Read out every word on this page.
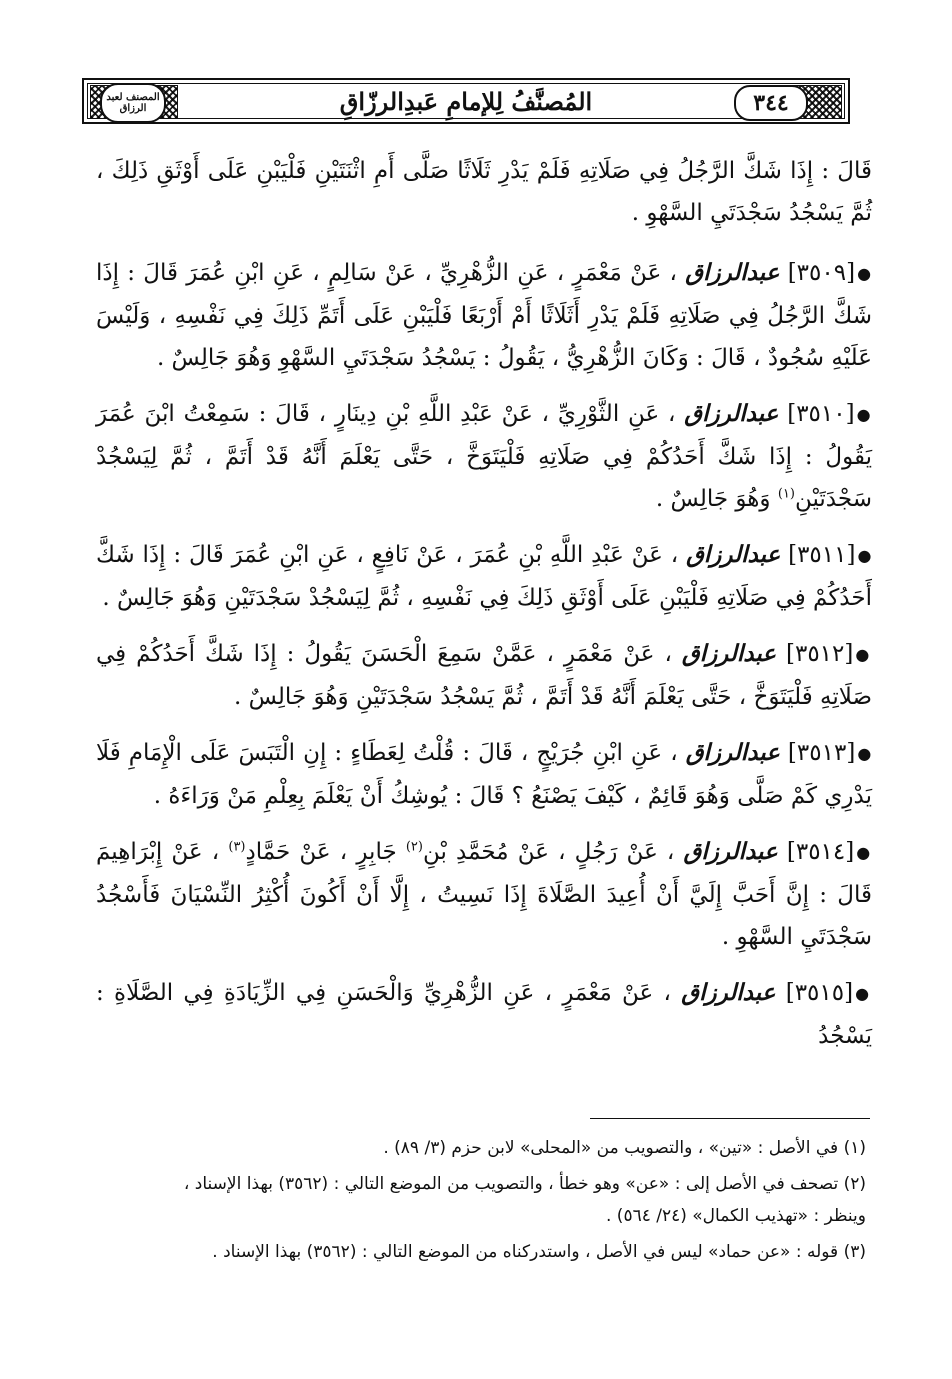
المصنف لعبد الرزاق	٣٤٤
المُصنَّفُ لِلإمامِ عَبدِالرزّاقِ

قَالَ : إِذَا شَكَّ الرَّجُلُ فِي صَلَاتِهِ فَلَمْ يَدْرِ ثَلَاثًا صَلَّى أَمِ اثْنَتَيْنِ فَلْيَبْنِ عَلَى أَوْثَقِ ذَلِكَ ، ثُمَّ يَسْجُدُ سَجْدَتَيِ السَّهْوِ .

●[٣٥٠٩] عبدالرزاق ، عَنْ مَعْمَرٍ ، عَنِ الزُّهْرِيِّ ، عَنْ سَالِمٍ ، عَنِ ابْنِ عُمَرَ قَالَ : إِذَا شَكَّ الرَّجُلُ فِي صَلَاتِهِ فَلَمْ يَدْرِ أَثَلَاثًا أَمْ أَرْبَعًا فَلْيَبْنِ عَلَى أَتَمِّ ذَلِكَ فِي نَفْسِهِ ، وَلَيْسَ عَلَيْهِ سُجُودٌ ، قَالَ : وَكَانَ الزُّهْرِيُّ ، يَقُولُ : يَسْجُدُ سَجْدَتَيِ السَّهْوِ وَهُوَ جَالِسٌ .

●[٣٥١٠] عبدالرزاق ، عَنِ الثَّوْرِيِّ ، عَنْ عَبْدِ اللَّهِ بْنِ دِينَارٍ ، قَالَ : سَمِعْتُ ابْنَ عُمَرَ يَقُولُ : إِذَا شَكَّ أَحَدُكُمْ فِي صَلَاتِهِ فَلْيَتَوَخَّ ، حَتَّى يَعْلَمَ أَنَّهُ قَدْ أَتَمَّ ، ثُمَّ لِيَسْجُدْ سَجْدَتَيْنِ$^{(١)}$ وَهُوَ جَالِسٌ .

●[٣٥١١] عبدالرزاق ، عَنْ عَبْدِ اللَّهِ بْنِ عُمَرَ ، عَنْ نَافِعٍ ، عَنِ ابْنِ عُمَرَ قَالَ : إِذَا شَكَّ أَحَدُكُمْ فِي صَلَاتِهِ فَلْيَبْنِ عَلَى أَوْثَقِ ذَلِكَ فِي نَفْسِهِ ، ثُمَّ لِيَسْجُدْ سَجْدَتَيْنِ وَهُوَ جَالِسٌ .

●[٣٥١٢] عبدالرزاق ، عَنْ مَعْمَرٍ ، عَمَّنْ سَمِعَ الْحَسَنَ يَقُولُ : إِذَا شَكَّ أَحَدُكُمْ فِي صَلَاتِهِ فَلْيَتَوَخَّ ، حَتَّى يَعْلَمَ أَنَّهُ قَدْ أَتَمَّ ، ثُمَّ يَسْجُدُ سَجْدَتَيْنِ وَهُوَ جَالِسٌ .

●[٣٥١٣] عبدالرزاق ، عَنِ ابْنِ جُرَيْجٍ ، قَالَ : قُلْتُ لِعَطَاءٍ : إِنِ الْتَبَسَ عَلَى الْإِمَامِ فَلَا يَدْرِي كَمْ صَلَّى وَهُوَ قَائِمٌ ، كَيْفَ يَصْنَعُ ؟ قَالَ : يُوشِكُ أَنْ يَعْلَمَ بِعِلْمِ مَنْ وَرَاءَهُ .

●[٣٥١٤] عبدالرزاق ، عَنْ رَجُلٍ ، عَنْ مُحَمَّدِ بْنِ$^{(٢)}$ جَابِرٍ ، عَنْ حَمَّادٍ$^{(٣)}$ ، عَنْ إِبْرَاهِيمَ قَالَ : إِنَّ أَحَبَّ إِلَيَّ أَنْ أُعِيدَ الصَّلَاةَ إِذَا نَسِيتُ ، إِلَّا أَنْ أَكُونَ أُكْثِرُ النِّسْيَانَ فَأَسْجُدُ سَجْدَتَيِ السَّهْوِ .

●[٣٥١٥] عبدالرزاق ، عَنْ مَعْمَرٍ ، عَنِ الزُّهْرِيِّ وَالْحَسَنِ فِي الزِّيَادَةِ فِي الصَّلَاةِ : يَسْجُدُ

(١) في الأصل : «تين» ، والتصويب من «المحلى» لابن حزم (٣/ ٨٩) .

(٢) تصحف في الأصل إلى : «عن» وهو خطأ ، والتصويب من الموضع التالي : (٣٥٦٢) بهذا الإسناد ، وينظر : «تهذيب الكمال» (٢٤/ ٥٦٤) .

(٣) قوله : «عن حماد» ليس في الأصل ، واستدركناه من الموضع التالي : (٣٥٦٢) بهذا الإسناد .
